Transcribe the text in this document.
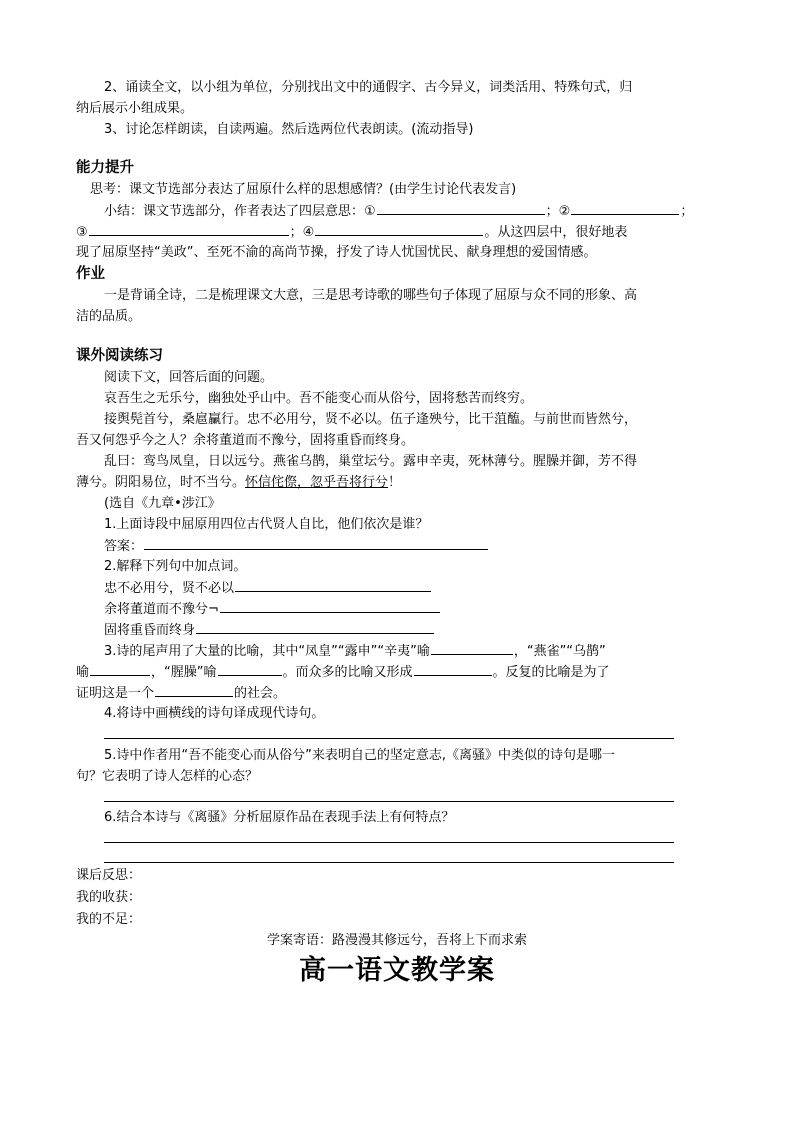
2、诵读全文，以小组为单位，分别找出文中的通假字、古今异义，词类活用、特殊句式，归
纳后展示小组成果。
3、讨论怎样朗读，自读两遍。然后选两位代表朗读。(流动指导)
能力提升
思考：课文节选部分表达了屈原什么样的思想感情？(由学生讨论代表发言)
小结：课文节选部分，作者表达了四层意思：①	；②	；
③	；④	。从这四层中，很好地表
现了屈原坚持“美政”、至死不渝的高尚节操，抒发了诗人忧国忧民、献身理想的爱国情感。
作业
一是背诵全诗，二是梳理课文大意，三是思考诗歌的哪些句子体现了屈原与众不同的形象、高
洁的品质。
课外阅读练习
阅读下文，回答后面的问题。
哀吾生之无乐兮，幽独处乎山中。吾不能变心而从俗兮，固将愁苦而终穷。
接舆髡首兮，桑扈臝行。忠不必用兮，贤不必以。伍子逢殃兮，比干菹醢。与前世而皆然兮，
吾又何怨乎今之人？余将董道而不豫兮，固将重昏而终身。
乱曰：鸾鸟凤皇，日以远兮。燕雀乌鹊，巢堂坛兮。露申辛夷，死林薄兮。腥臊并御，芳不得
薄兮。阴阳易位，时不当兮。怀信侘傺，忽乎吾将行兮！
(选自《九章•涉江》
1.上面诗段中屈原用四位古代贤人自比，他们依次是谁？
答案：
2.解释下列句中加点词。
忠不必用兮，贤不必以
余将董道而不豫兮¬
固将重昏而终身
3.诗的尾声用了大量的比喻，其中“凤皇”“露申”“辛夷”喻	，“燕雀”“乌鹊”
喻	，“腥臊”喻	。而众多的比喻又形成	。反复的比喻是为了
证明这是一个	的社会。
4.将诗中画横线的诗句译成现代诗句。
5.诗中作者用“吾不能变心而从俗兮”来表明自己的坚定意志,《离骚》中类似的诗句是哪一
句？它表明了诗人怎样的心态？
6.结合本诗与《离骚》分析屈原作品在表现手法上有何特点？
课后反思：
我的收获：
我的不足：
学案寄语：路漫漫其修远兮，吾将上下而求索
高一语文教学案
